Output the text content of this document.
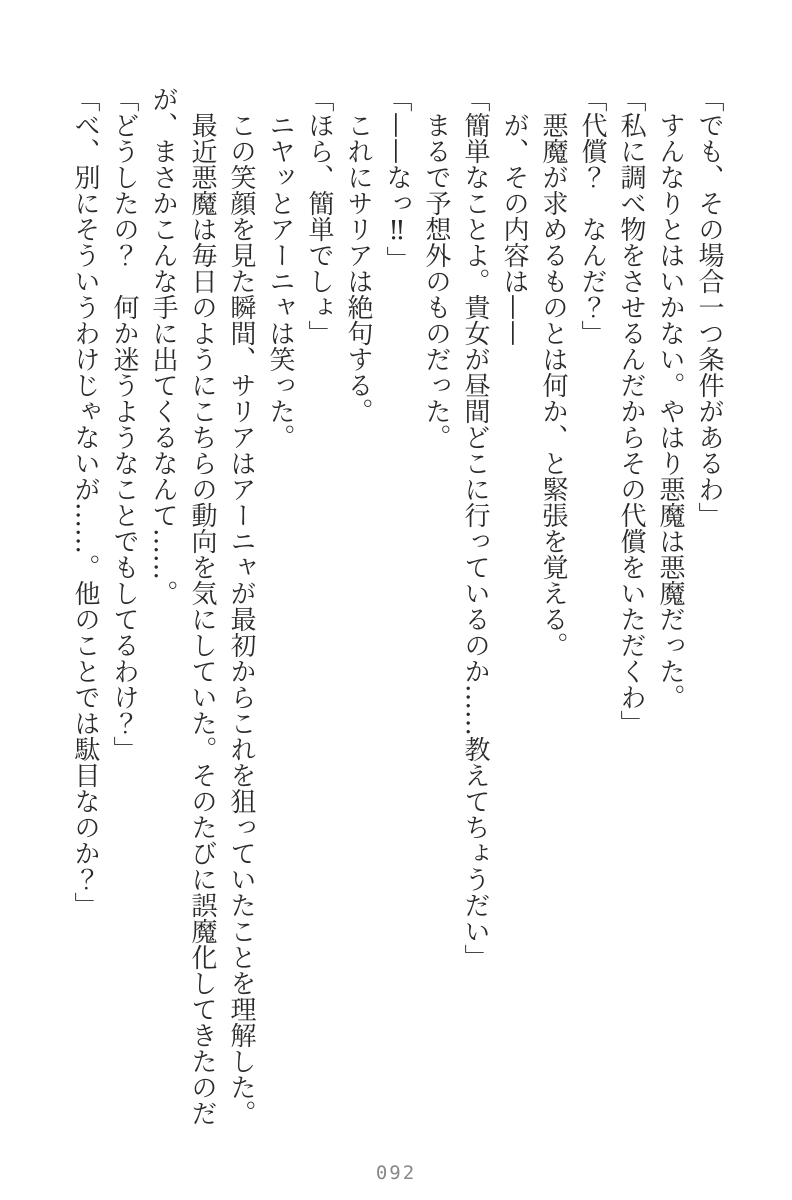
「でも、その場合一つ条件があるわ」

すんなりとはいかない。やはり悪魔は悪魔だった。

「私に調べ物をさせるんだからその代償をいただくわ」

「代償？　なんだ？」

悪魔が求めるものとは何か、と緊張を覚える。

が、その内容は——

「簡単なことよ。貴女が昼間どこに行っているのか……教えてちょうだい」

まるで予想外のものだった。

「——なっ‼」

これにサリアは絶句する。

「ほら、簡単でしょ」

ニヤッとアーニャは笑った。

この笑顔を見た瞬間、サリアはアーニャが最初からこれを狙っていたことを理解した。

最近悪魔は毎日のようにこちらの動向を気にしていた。そのたびに誤魔化してきたのだが、まさかこんな手に出てくるなんて……。

「どうしたの？　何か迷うようなことでもしてるわけ？」

「べ、別にそういうわけじゃないが……。他のことでは駄目なのか？」

092
